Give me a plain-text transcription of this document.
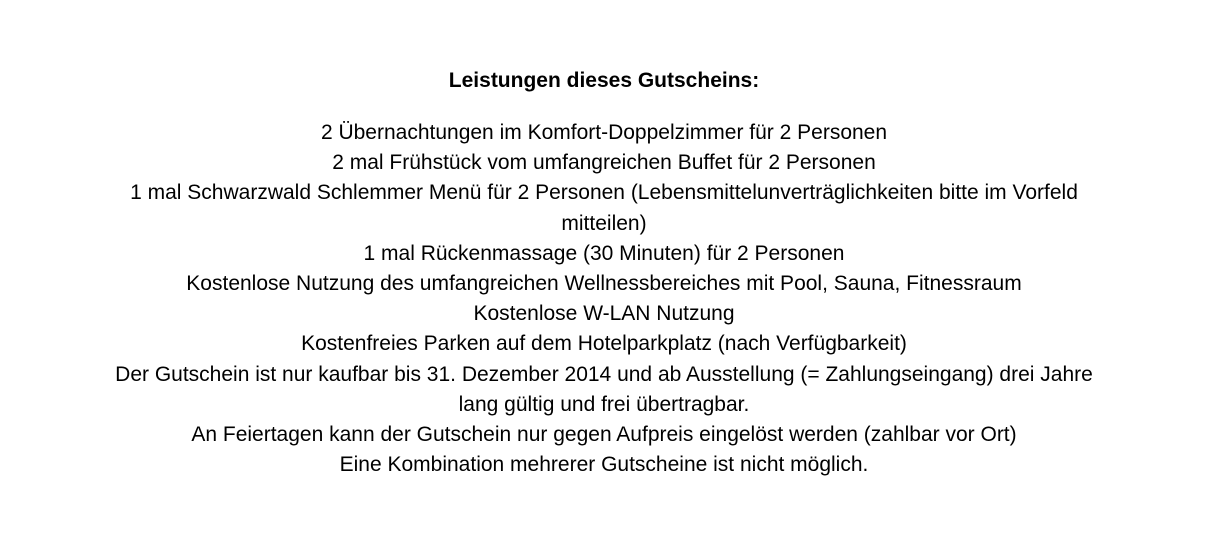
Leistungen dieses Gutscheins:
2 Übernachtungen im Komfort-Doppelzimmer für 2 Personen
2 mal Frühstück vom umfangreichen Buffet für 2 Personen
1 mal Schwarzwald Schlemmer Menü für 2 Personen (Lebensmittelunverträglichkeiten bitte im Vorfeld mitteilen)
1 mal Rückenmassage (30 Minuten) für 2 Personen
Kostenlose Nutzung des umfangreichen Wellnessbereiches mit Pool, Sauna, Fitnessraum
Kostenlose W-LAN Nutzung
Kostenfreies Parken auf dem Hotelparkplatz (nach Verfügbarkeit)
Der Gutschein ist nur kaufbar bis 31. Dezember 2014 und ab Ausstellung (= Zahlungseingang) drei Jahre lang gültig und frei übertragbar.
An Feiertagen kann der Gutschein nur gegen Aufpreis eingelöst werden (zahlbar vor Ort)
Eine Kombination mehrerer Gutscheine ist nicht möglich.
